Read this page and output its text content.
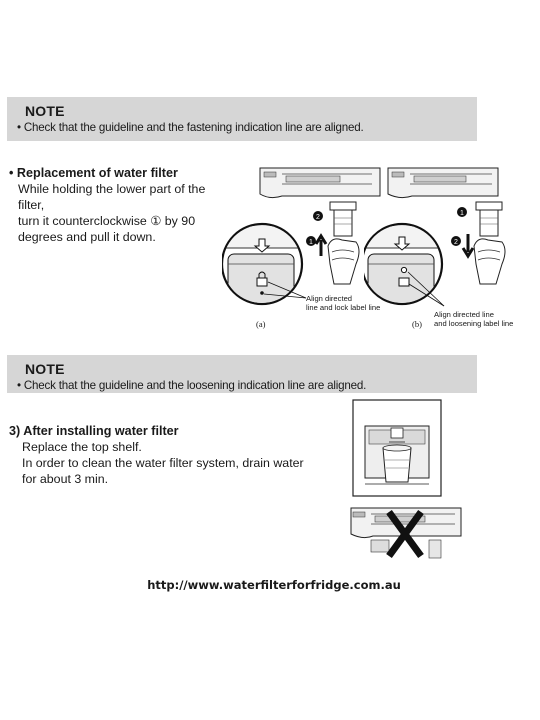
NOTE
• Check that the guideline and the fastening indication line are aligned.
• Replacement of water filter
While holding the lower part of the filter,
turn it counterclockwise ① by 90
degrees and pull it down.
2
1
Align directed
line and lock label line
(a)
1
2
Align directed line
and loosening label line
(b)
NOTE
• Check that the guideline and the loosening indication line are aligned.
3) After installing water filter
Replace the top shelf.
In order to clean the water filter system, drain water
for about 3 min.
http://www.waterfilterforfridge.com.au
